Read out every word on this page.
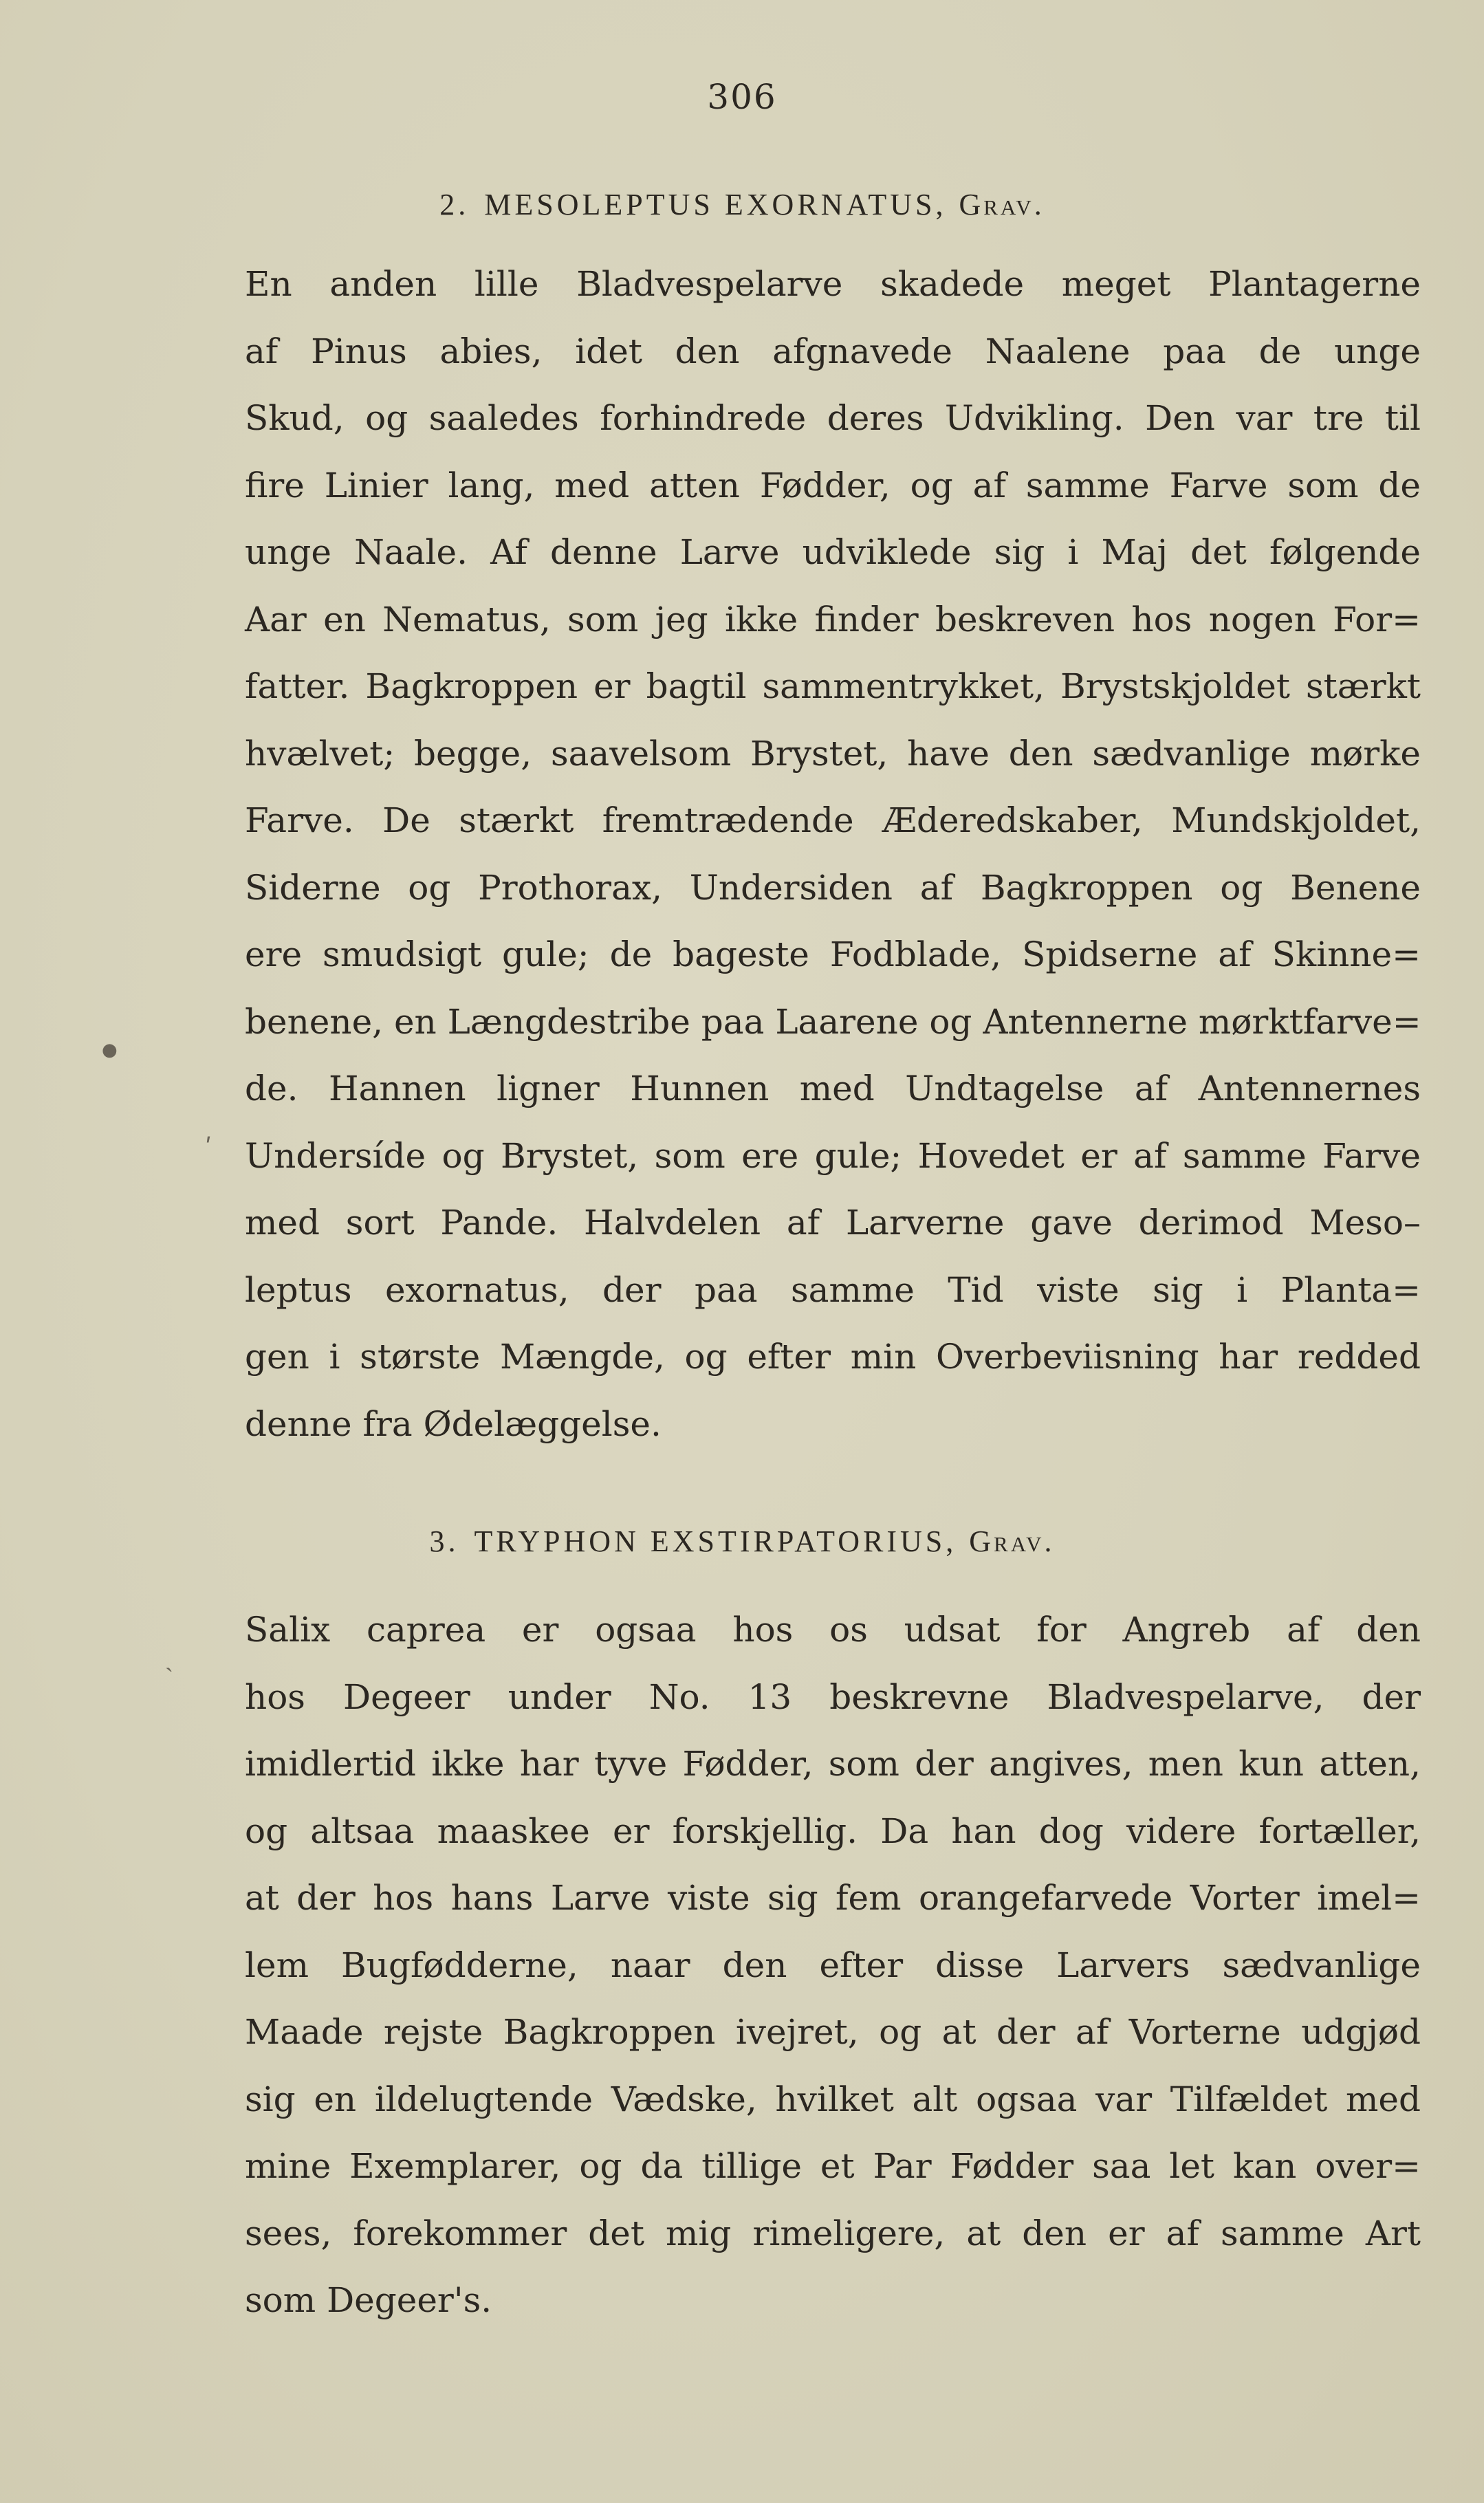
306
2. MESOLEPTUS EXORNATUS, Grav.
En anden lille Bladvespelarve skadede meget Plantagerne
af Pinus abies, idet den afgnavede Naalene paa de unge
Skud, og saaledes forhindrede deres Udvikling. Den var tre til
fire Linier lang, med atten Fødder, og af samme Farve som de
unge Naale. Af denne Larve udviklede sig i Maj det følgende
Aar en Nematus, som jeg ikke finder beskreven hos nogen For=
fatter. Bagkroppen er bagtil sammentrykket, Brystskjoldet stærkt
hvælvet; begge, saavelsom Brystet, have den sædvanlige mørke
Farve. De stærkt fremtrædende Æderedskaber, Mundskjoldet,
Siderne og Prothorax, Undersiden af Bagkroppen og Benene
ere smudsigt gule; de bageste Fodblade, Spidserne af Skinne=
benene, en Længdestribe paa Laarene og Antennerne mørktfarve=
de. Hannen ligner Hunnen med Undtagelse af Antennernes
Undersíde og Brystet, som ere gule; Hovedet er af samme Farve
med sort Pande. Halvdelen af Larverne gave derimod Meso–
leptus exornatus, der paa samme Tid viste sig i Planta=
gen i største Mængde, og efter min Overbeviisning har redded
denne fra Ødelæggelse.
3. TRYPHON EXSTIRPATORIUS, Grav.
Salix caprea er ogsaa hos os udsat for Angreb af den
hos Degeer under No. 13 beskrevne Bladvespelarve, der
imidlertid ikke har tyve Fødder, som der angives, men kun atten,
og altsaa maaskee er forskjellig. Da han dog videre fortæller,
at der hos hans Larve viste sig fem orangefarvede Vorter imel=
lem Bugfødderne, naar den efter disse Larvers sædvanlige
Maade rejste Bagkroppen ivejret, og at der af Vorterne udgjød
sig en ildelugtende Vædske, hvilket alt ogsaa var Tilfældet med
mine Exemplarer, og da tillige et Par Fødder saa let kan over=
sees, forekommer det mig rimeligere, at den er af samme Art
som Degeer's.
●
ʹ
ˎ
